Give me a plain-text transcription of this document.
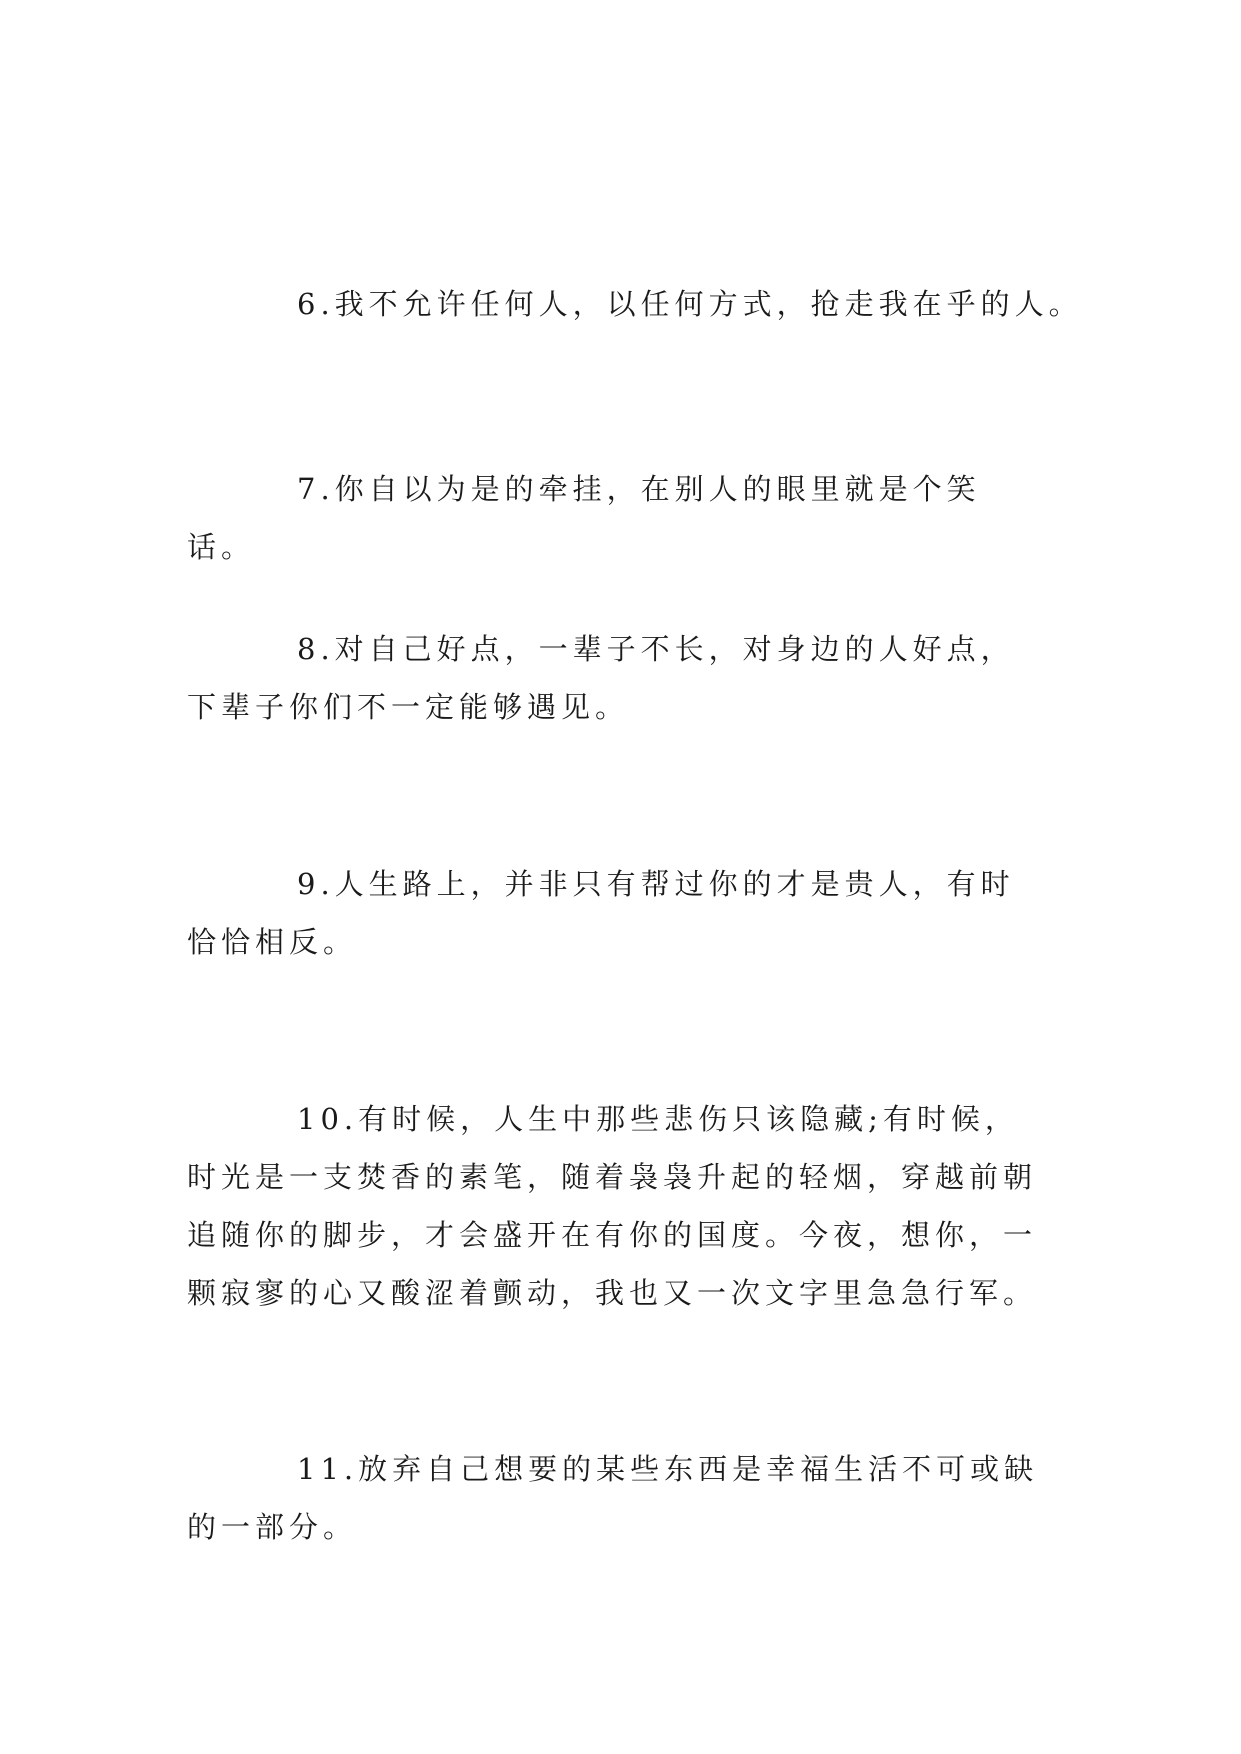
6.我不允许任何人，以任何方式，抢走我在乎的人。

7.你自以为是的牵挂，在别人的眼里就是个笑话。

8.对自己好点，一辈子不长，对身边的人好点，下辈子你们不一定能够遇见。

9.人生路上，并非只有帮过你的才是贵人，有时恰恰相反。

10.有时候，人生中那些悲伤只该隐藏;有时候，时光是一支焚香的素笔，随着袅袅升起的轻烟，穿越前朝追随你的脚步，才会盛开在有你的国度。今夜，想你，一颗寂寥的心又酸涩着颤动，我也又一次文字里急急行军。

11.放弃自己想要的某些东西是幸福生活不可或缺的一部分。
